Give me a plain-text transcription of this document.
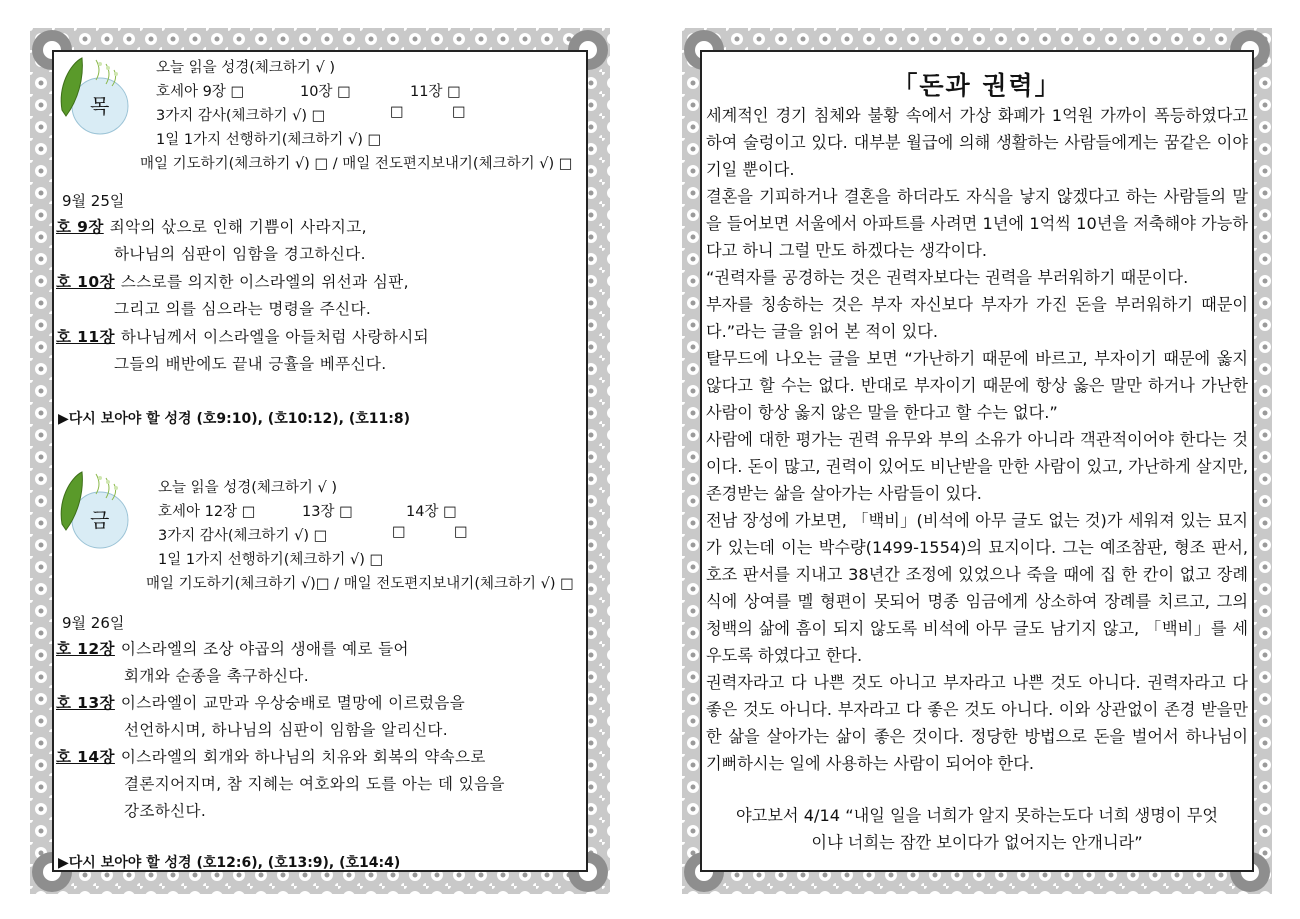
목
오늘 읽을 성경(체크하기 √ )
호세아 9장 □	10장 □	11장 □
3가지 감사(체크하기 √) □	□	□
1일 1가지 선행하기(체크하기 √) □
매일 기도하기(체크하기 √) □ / 매일 전도편지보내기(체크하기 √) □
9월 25일
호 9장 죄악의 삯으로 인해 기쁨이 사라지고,
하나님의 심판이 임함을 경고하신다.
호 10장 스스로를 의지한 이스라엘의 위선과 심판,
그리고 의를 심으라는 명령을 주신다.
호 11장 하나님께서 이스라엘을 아들처럼 사랑하시되
그들의 배반에도 끝내 긍휼을 베푸신다.
▶다시 보아야 할 성경 (호9:10), (호10:12), (호11:8)
금
오늘 읽을 성경(체크하기 √ )
호세아 12장 □	13장 □	14장 □
3가지 감사(체크하기 √) □	□	□
1일 1가지 선행하기(체크하기 √) □
매일 기도하기(체크하기 √)□ / 매일 전도편지보내기(체크하기 √) □
9월 26일
호 12장 이스라엘의 조상 야곱의 생애를 예로 들어
회개와 순종을 촉구하신다.
호 13장 이스라엘이 교만과 우상숭배로 멸망에 이르렀음을
선언하시며, 하나님의 심판이 임함을 알리신다.
호 14장 이스라엘의 회개와 하나님의 치유와 회복의 약속으로
결론지어지며, 참 지혜는 여호와의 도를 아는 데 있음을
강조하신다.
▶다시 보아야 할 성경 (호12:6), (호13:9), (호14:4)
「돈과 권력」
세계적인 경기 침체와 불황 속에서 가상 화폐가 1억원 가까이 폭등하였다고 하여 술렁이고 있다. 대부분 월급에 의해 생활하는 사람들에게는 꿈같은 이야기일 뿐이다.
결혼을 기피하거나 결혼을 하더라도 자식을 낳지 않겠다고 하는 사람들의 말을 들어보면 서울에서 아파트를 사려면 1년에 1억씩 10년을 저축해야 가능하다고 하니 그럴 만도 하겠다는 생각이다.
“권력자를 공경하는 것은 권력자보다는 권력을 부러워하기 때문이다.
부자를 칭송하는 것은 부자 자신보다 부자가 가진 돈을 부러워하기 때문이다.”라는 글을 읽어 본 적이 있다.
탈무드에 나오는 글을 보면 “가난하기 때문에 바르고, 부자이기 때문에 옳지 않다고 할 수는 없다. 반대로 부자이기 때문에 항상 옳은 말만 하거나 가난한 사람이 항상 옳지 않은 말을 한다고 할 수는 없다.”
사람에 대한 평가는 권력 유무와 부의 소유가 아니라 객관적이어야 한다는 것이다. 돈이 많고, 권력이 있어도 비난받을 만한 사람이 있고, 가난하게 살지만, 존경받는 삶을 살아가는 사람들이 있다.
전남 장성에 가보면, 「백비」(비석에 아무 글도 없는 것)가 세워져 있는 묘지가 있는데 이는 박수량(1499-1554)의 묘지이다. 그는 예조참판, 형조 판서, 호조 판서를 지내고 38년간 조정에 있었으나 죽을 때에 집 한 칸이 없고 장례식에 상여를 멜 형편이 못되어 명종 임금에게 상소하여 장례를 치르고, 그의 청백의 삶에 흠이 되지 않도록 비석에 아무 글도 남기지 않고, 「백비」를 세우도록 하였다고 한다.
권력자라고 다 나쁜 것도 아니고 부자라고 나쁜 것도 아니다. 권력자라고 다 좋은 것도 아니다. 부자라고 다 좋은 것도 아니다. 이와 상관없이 존경 받을만한 삶을 살아가는 삶이 좋은 것이다. 정당한 방법으로 돈을 벌어서 하나님이 기뻐하시는 일에 사용하는 사람이 되어야 한다.
야고보서 4/14 “내일 일을 너희가 알지 못하는도다 너희 생명이 무엇
이냐 너희는 잠깐 보이다가 없어지는 안개니라”
